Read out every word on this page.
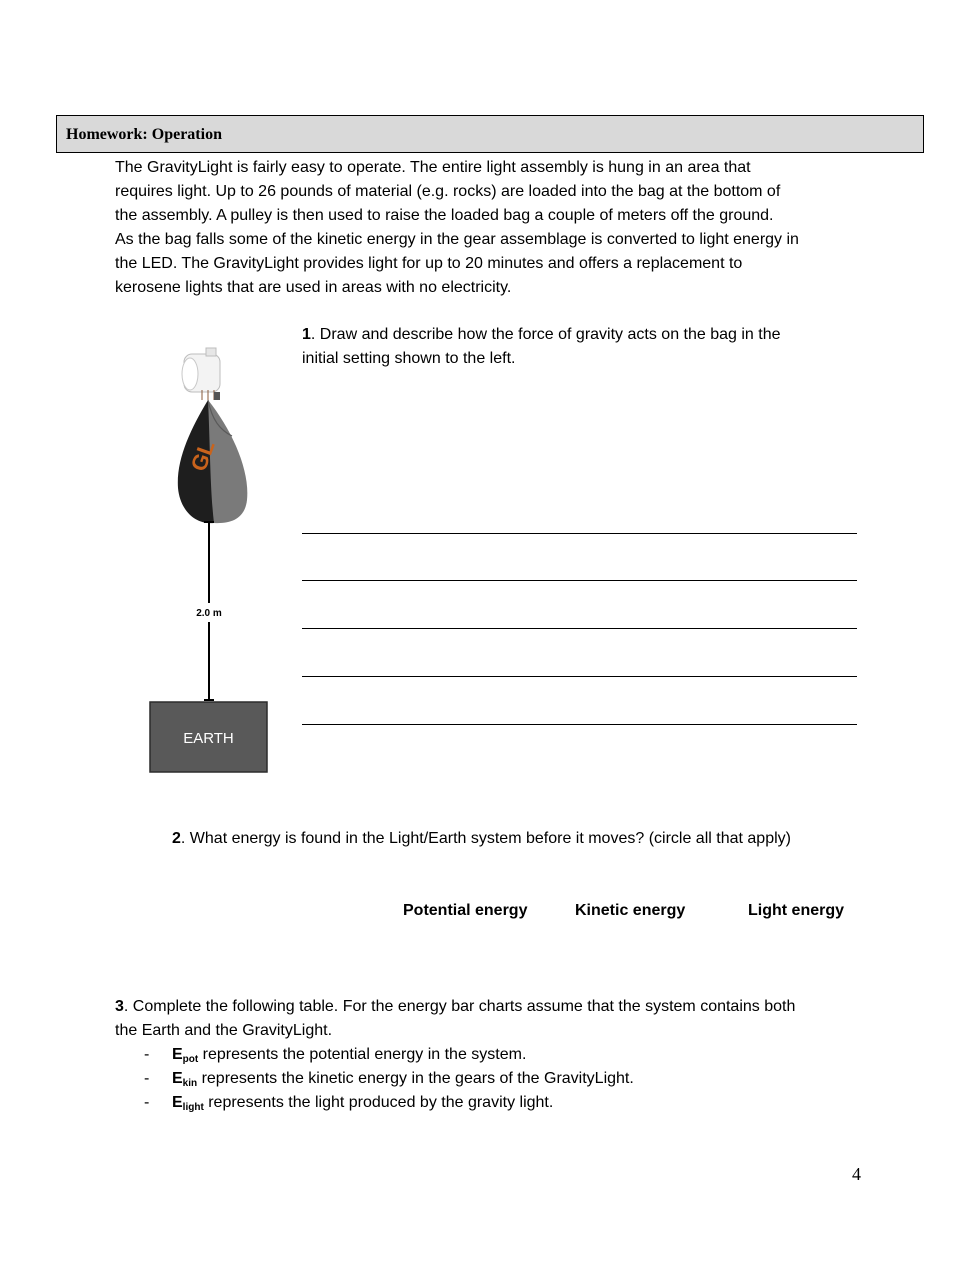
Homework: Operation

The GravityLight is fairly easy to operate. The entire light assembly is hung in an area that

requires light. Up to 26 pounds of material (e.g. rocks) are loaded into the bag at the bottom of

the assembly. A pulley is then used to raise the loaded bag a couple of meters off the ground.

As the bag falls some of the kinetic energy in the gear assemblage is converted to light energy in

the LED. The GravityLight provides light for up to 20 minutes and offers a replacement to

kerosene lights that are used in areas with no electricity.

GL
2.0 m
EARTH
1. Draw and describe how the force of gravity acts on the bag in the
initial setting shown to the left.
2. What energy is found in the Light/Earth system before it moves? (circle all that apply)
Potential energy	Kinetic energy	Light energy

3. Complete the following table. For the energy bar charts assume that the system contains both

the Earth and the GravityLight.

- $E_{pot}$ represents the potential energy in the system.
- $E_{kin}$ represents the kinetic energy in the gears of the GravityLight.
- $E_{light}$ represents the light produced by the gravity light.
4
